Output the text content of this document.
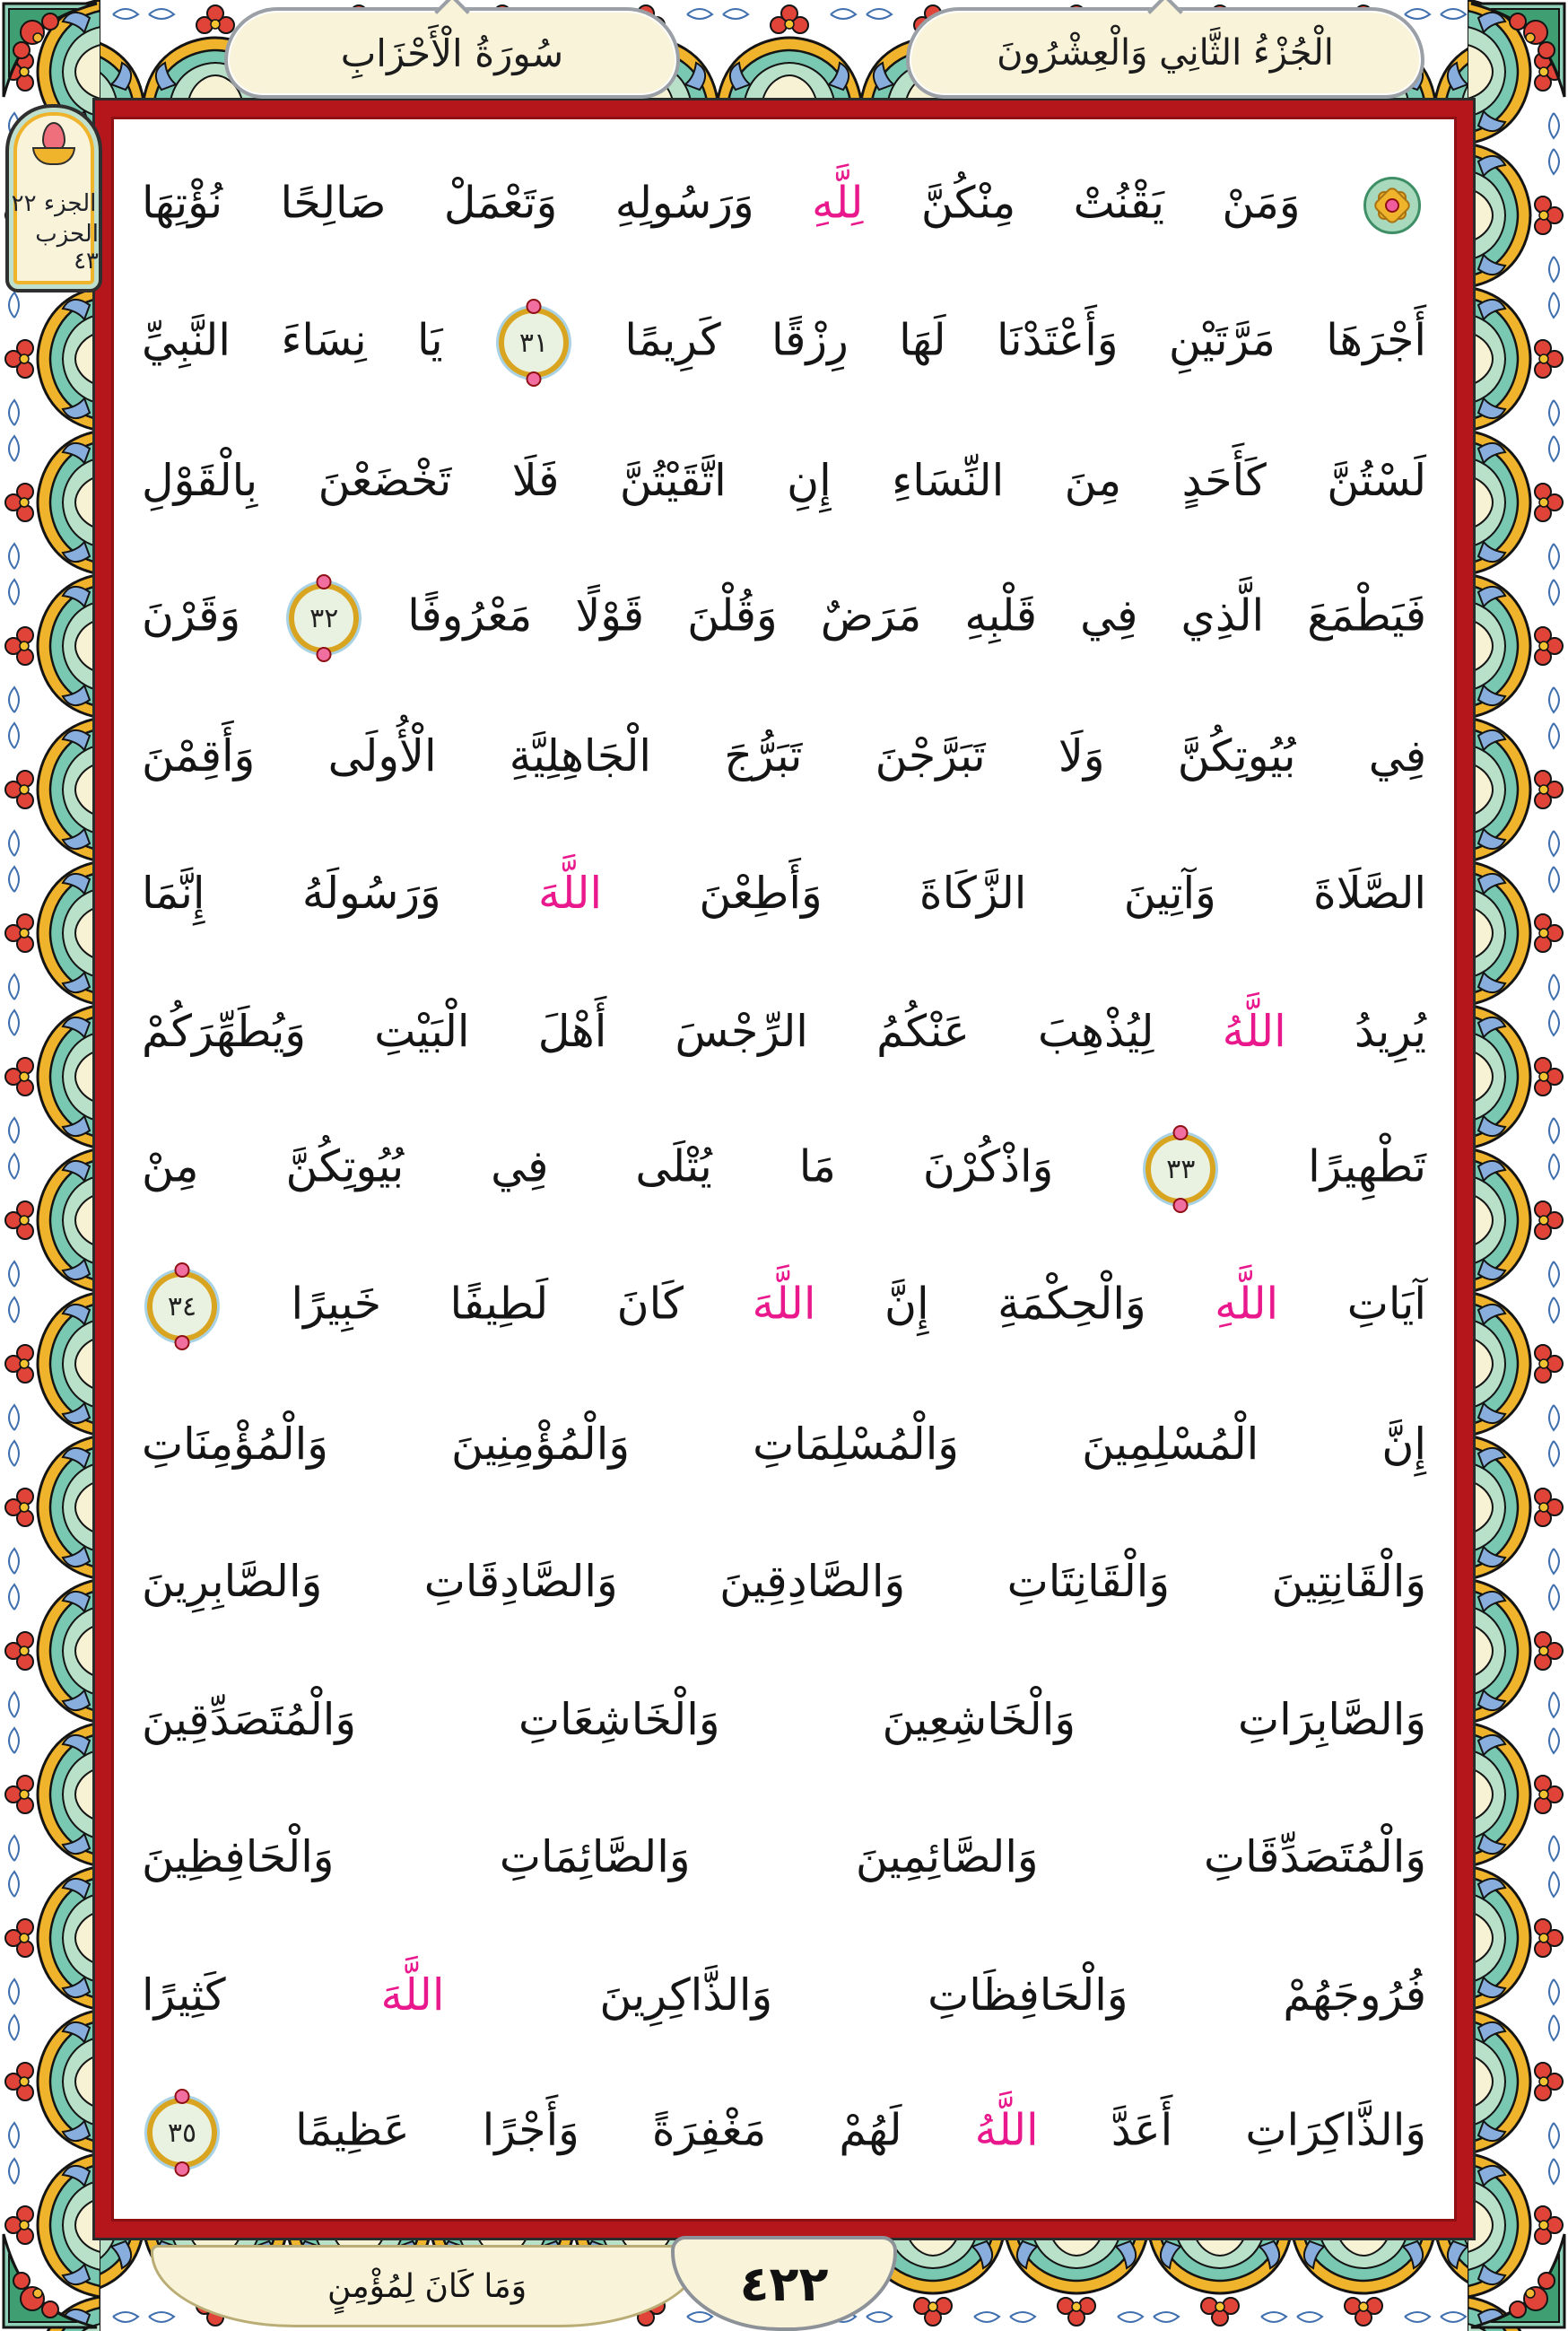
سُورَةُ الْأَحْزَابِ	الْجُزْءُ الثَّانِي وَالْعِشْرُونَ
الجزء ٢٢
الحزب ٤٣
وَمَنْ يَقْنُتْ مِنْكُنَّ لِلَّهِ وَرَسُولِهِ وَتَعْمَلْ صَالِحًا نُؤْتِهَا
أَجْرَهَا مَرَّتَيْنِ وَأَعْتَدْنَا لَهَا رِزْقًا كَرِيمًا
٣١
يَا نِسَاءَ النَّبِيِّ
لَسْتُنَّ كَأَحَدٍ مِنَ النِّسَاءِ إِنِ اتَّقَيْتُنَّ فَلَا تَخْضَعْنَ بِالْقَوْلِ
فَيَطْمَعَ الَّذِي فِي قَلْبِهِ مَرَضٌ وَقُلْنَ قَوْلًا مَعْرُوفًا
٣٢
وَقَرْنَ
فِي بُيُوتِكُنَّ وَلَا تَبَرَّجْنَ تَبَرُّجَ الْجَاهِلِيَّةِ الْأُولَى وَأَقِمْنَ
الصَّلَاةَ وَآتِينَ الزَّكَاةَ وَأَطِعْنَ اللَّهَ وَرَسُولَهُ إِنَّمَا
يُرِيدُ اللَّهُ لِيُذْهِبَ عَنْكُمُ الرِّجْسَ أَهْلَ الْبَيْتِ وَيُطَهِّرَكُمْ
تَطْهِيرًا
٣٣
وَاذْكُرْنَ مَا يُتْلَى فِي بُيُوتِكُنَّ مِنْ
آيَاتِ اللَّهِ وَالْحِكْمَةِ إِنَّ اللَّهَ كَانَ لَطِيفًا خَبِيرًا
٣٤
إِنَّ الْمُسْلِمِينَ وَالْمُسْلِمَاتِ وَالْمُؤْمِنِينَ وَالْمُؤْمِنَاتِ
وَالْقَانِتِينَ وَالْقَانِتَاتِ وَالصَّادِقِينَ وَالصَّادِقَاتِ وَالصَّابِرِينَ
وَالصَّابِرَاتِ وَالْخَاشِعِينَ وَالْخَاشِعَاتِ وَالْمُتَصَدِّقِينَ
وَالْمُتَصَدِّقَاتِ وَالصَّائِمِينَ وَالصَّائِمَاتِ وَالْحَافِظِينَ
فُرُوجَهُمْ وَالْحَافِظَاتِ وَالذَّاكِرِينَ اللَّهَ كَثِيرًا
وَالذَّاكِرَاتِ أَعَدَّ اللَّهُ لَهُمْ مَغْفِرَةً وَأَجْرًا عَظِيمًا
٣٥
وَمَا كَانَ لِمُؤْمِنٍ	٤٢٢
